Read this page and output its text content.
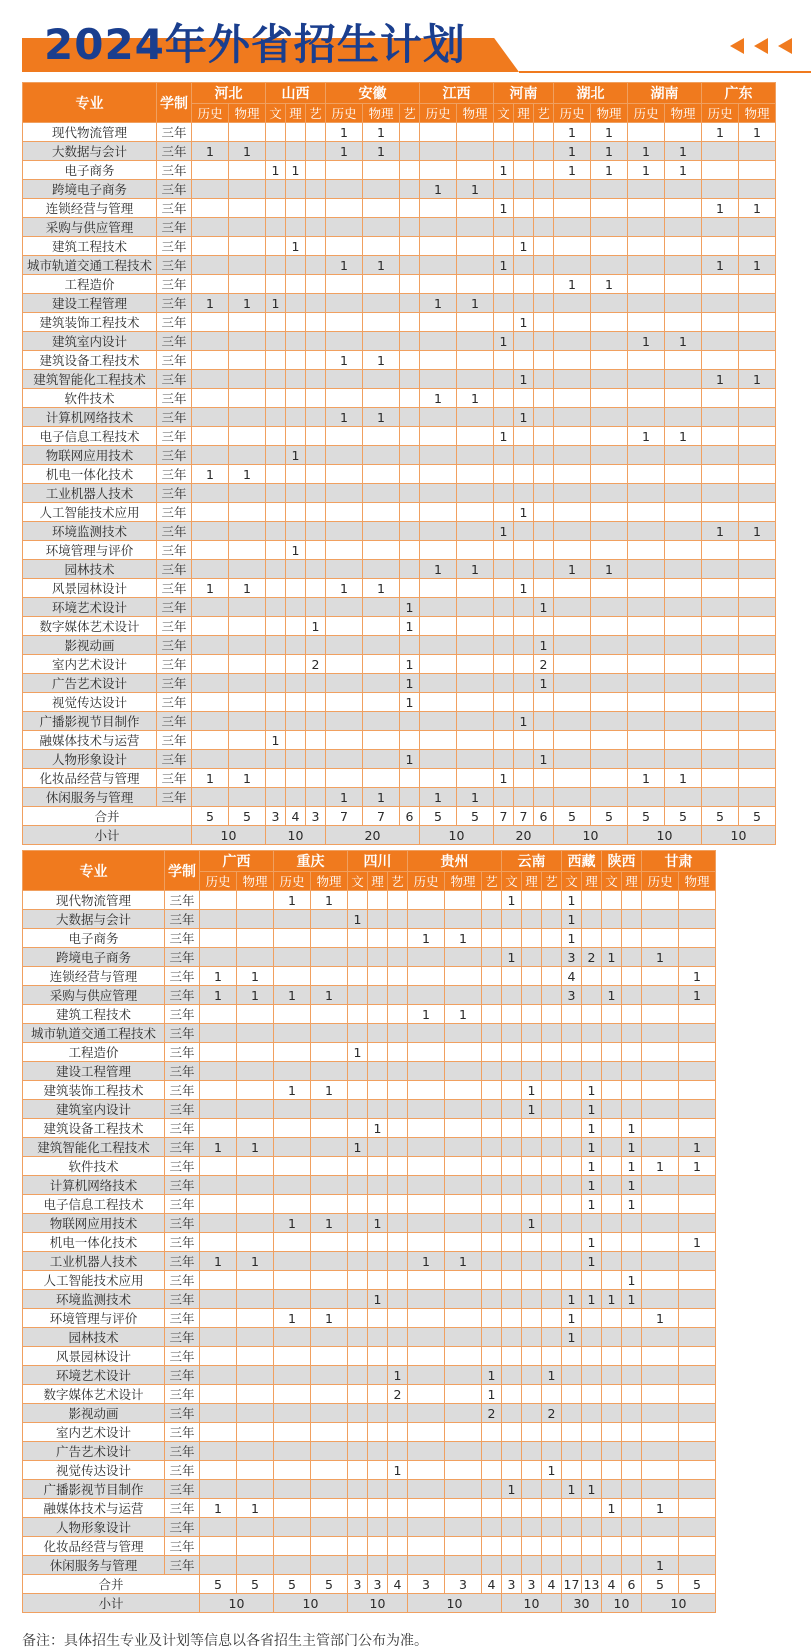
2024年外省招生计划
专业	学制	河北		山西			安徽			江西		河南			湖北		湖南		广东	
		历史	物理	文	理	艺	历史	物理	艺	历史	物理	文	理	艺	历史	物理	历史	物理	历史	物理
现代物流管理	三年						1	1							1	1			1	1
大数据与会计	三年	1	1				1	1							1	1	1	1		
电子商务	三年			1	1							1			1	1	1	1		
跨境电子商务	三年									1	1									
连锁经营与管理	三年											1							1	1
采购与供应管理	三年																			
建筑工程技术	三年				1								1							
城市轨道交通工程技术	三年						1	1				1							1	1
工程造价	三年														1	1				
建设工程管理	三年	1	1	1						1	1									
建筑装饰工程技术	三年												1							
建筑室内设计	三年											1					1	1		
建筑设备工程技术	三年						1	1												
建筑智能化工程技术	三年												1						1	1
软件技术	三年									1	1									
计算机网络技术	三年						1	1					1							
电子信息工程技术	三年											1					1	1		
物联网应用技术	三年				1															
机电一体化技术	三年	1	1																	
工业机器人技术	三年																			
人工智能技术应用	三年												1							
环境监测技术	三年											1							1	1
环境管理与评价	三年				1															
园林技术	三年									1	1				1	1				
风景园林设计	三年	1	1				1	1					1							
环境艺术设计	三年								1					1						
数字媒体艺术设计	三年					1			1											
影视动画	三年													1						
室内艺术设计	三年					2			1					2						
广告艺术设计	三年								1					1						
视觉传达设计	三年								1											
广播影视节目制作	三年												1							
融媒体技术与运营	三年			1																
人物形象设计	三年								1					1						
化妆品经营与管理	三年	1	1									1					1	1		
休闲服务与管理	三年						1	1		1	1									
合并		5	5	3	4	3	7	7	6	5	5	7	7	6	5	5	5	5	5	5
小计		10		10			20			10		20			10		10		10	
专业	学制	广西		重庆		四川			贵州			云南			西藏		陕西		甘肃	
		历史	物理	历史	物理	文	理	艺	历史	物理	艺	文	理	艺	文	理	文	理	历史	物理
现代物流管理	三年			1	1							1			1					
大数据与会计	三年					1									1					
电子商务	三年								1	1					1					
跨境电子商务	三年											1			3	2	1		1	
连锁经营与管理	三年	1	1												4					1
采购与供应管理	三年	1	1	1	1										3		1			1
建筑工程技术	三年								1	1										
城市轨道交通工程技术	三年																			
工程造价	三年					1														
建设工程管理	三年																			
建筑装饰工程技术	三年			1	1								1			1				
建筑室内设计	三年												1			1				
建筑设备工程技术	三年						1									1		1		
建筑智能化工程技术	三年	1	1			1										1		1		1
软件技术	三年															1		1	1	1
计算机网络技术	三年															1		1		
电子信息工程技术	三年															1		1		
物联网应用技术	三年			1	1		1						1							
机电一体化技术	三年															1				1
工业机器人技术	三年	1	1						1	1						1				
人工智能技术应用	三年																	1		
环境监测技术	三年						1								1	1	1	1		
环境管理与评价	三年			1	1										1				1	
园林技术	三年														1					
风景园林设计	三年																			
环境艺术设计	三年							1			1			1						
数字媒体艺术设计	三年							2			1									
影视动画	三年										2			2						
室内艺术设计	三年																			
广告艺术设计	三年																			
视觉传达设计	三年							1						1						
广播影视节目制作	三年											1			1	1				
融媒体技术与运营	三年	1	1														1		1	
人物形象设计	三年																			
化妆品经营与管理	三年																			
休闲服务与管理	三年																		1	
合并		5	5	5	5	3	3	4	3	3	4	3	3	4	17	13	4	6	5	5
小计		10		10		10			10			10			30		10		10	
备注：具体招生专业及计划等信息以各省招生主管部门公布为准。
